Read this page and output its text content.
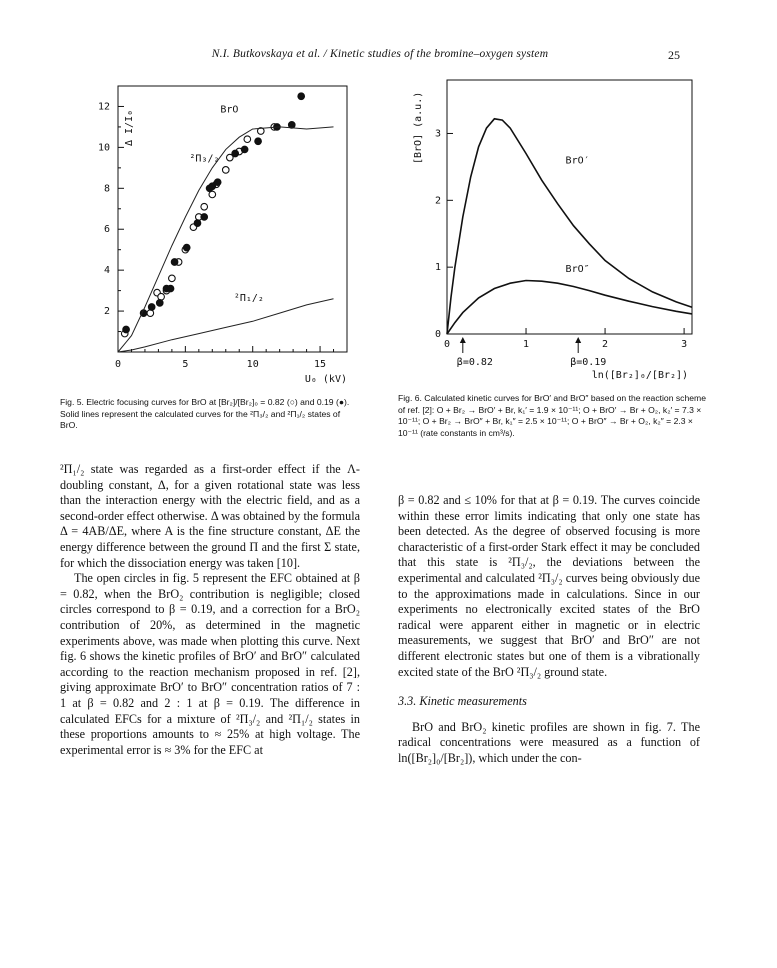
N.I. Butkovskaya et al. / Kinetic studies of the bromine–oxygen system	25
0	5	10	15
2
4
6
8
10
12
U₀ (kV)
Δ I/I₀	BrO
²Π₃/₂
²Π₁/₂
0	1	2	3
0
1
2
3
β=0.82	β=0.19
ln([Br₂]₀/[Br₂])
[BrO] (a.u.)	BrO′
BrO″
Fig. 5. Electric focusing curves for BrO at [Br₂]/[Br₂]₀ = 0.82 (○) and 0.19 (●). Solid lines represent the calculated curves for the ²Π₃/₂ and ²Π₁/₂ states of BrO.
Fig. 6. Calculated kinetic curves for BrO′ and BrO″ based on the reaction scheme of ref. [2]: O + Br₂ → BrO′ + Br, k₁′ = 1.9 × 10⁻¹¹; O + BrO′ → Br + O₂, k₂′ = 7.3 × 10⁻¹¹; O + Br₂ → BrO″ + Br, k₁″ = 2.5 × 10⁻¹¹; O + BrO″ → Br + O₂, k₂″ = 2.3 × 10⁻¹¹ (rate constants in cm³/s).

²Π₁/₂ state was regarded as a first-order effect if the Λ-doubling constant, Δ, for a given rotational state was less than the interaction energy with the electric field, and as a second-order effect otherwise. Δ was obtained by the formula Δ = 4AB/ΔE, where A is the fine structure constant, ΔE the energy difference between the ground Π and the first Σ state, for which the dissociation energy was taken [10].

The open circles in fig. 5 represent the EFC obtained at β = 0.82, when the BrO₂ contribution is negligible; closed circles correspond to β = 0.19, and a correction for a BrO₂ contribution of 20%, as determined in the magnetic experiments above, was made when plotting this curve. Next fig. 6 shows the kinetic profiles of BrO′ and BrO″ calculated according to the reaction mechanism proposed in ref. [2], giving approximate BrO′ to BrO″ concentration ratios of 7 : 1 at β = 0.82 and 2 : 1 at β = 0.19. The difference in calculated EFCs for a mixture of ²Π₃/₂ and ²Π₁/₂ states in these proportions amounts to ≈ 25% at high voltage. The experimental error is ≈ 3% for the EFC at

β = 0.82 and ≤ 10% for that at β = 0.19. The curves coincide within these error limits indicating that only one state has been detected. As the degree of observed focusing is more characteristic of a first-order Stark effect it may be concluded that this state is ²Π₃/₂, the deviations between the experimental and calculated ²Π₃/₂ curves being obviously due to the approximations made in calculations. Since in our experiments no electronically excited states of the BrO radical were apparent either in magnetic or in electric measurements, we suggest that BrO′ and BrO″ are not different electronic states but one of them is a vibrationally excited state of the BrO ²Π₃/₂ ground state.

3.3. Kinetic measurements

BrO and BrO₂ kinetic profiles are shown in fig. 7. The radical concentrations were measured as a function of ln([Br₂]₀/[Br₂]), which under the con-
